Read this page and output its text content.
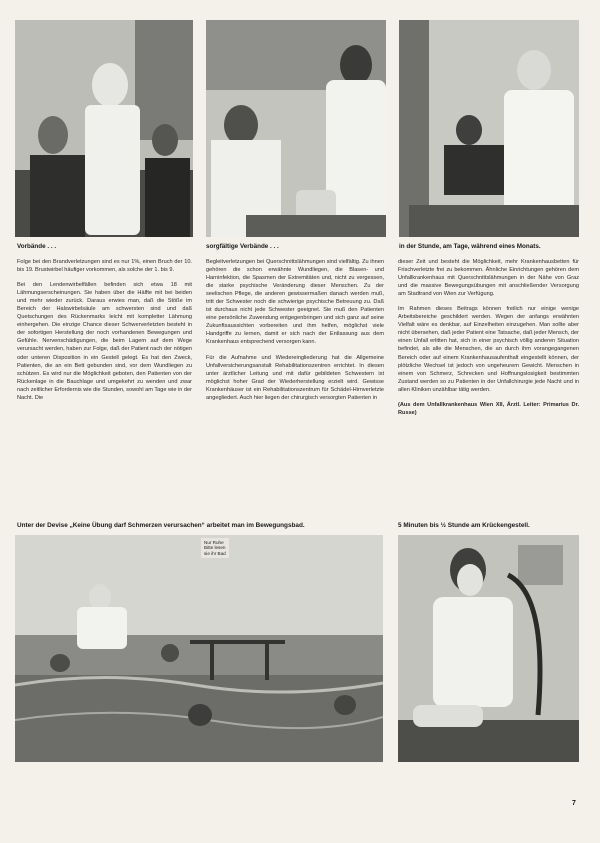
Vorbände . . .	sorgfältige Verbände . . .	in der Stunde, am Tage, während eines Monats.

Folge bei den Brandverletzungen sind es nur 1%, einen Bruch der 10. bis 19. Brustwirbel häufiger vorkommen, als solche der 1. bis 9.

Bei den Lendenwirbelfällen befinden sich etwa 18 mit Lähmungserscheinungen. Sie haben über die Hälfte mit bei beiden und mehr wieder zurück. Daraus erwies man, daß die Stöße im Bereich der Halswirbelsäule am schwersten sind und daß Quetschungen des Rückenmarks leicht mit kompletter Lähmung einhergehen. Die einzige Chance dieser Schwerverletzten besteht in der sofortigen Herstellung der noch vorhandenen Bewegungen und Gefühle. Nervenschädigungen, die beim Lagern auf dem Wege verursacht werden, haben zur Folge, daß der Patient nach der nötigen oder unteren Disposition in ein Gestell gelegt. Es hat den Zweck, Patienten, die an ein Bett gebunden sind, vor dem Wundliegen zu schützen. Es wird nur die Möglichkeit geboten, den Patienten von der Rückenlage in die Bauchlage und umgekehrt zu wenden und zwar nach zeitlicher Erfordernis wie die Stunden, sowohl am Tage wie in der Nacht. Die

Begleitverletzungen bei Querschnittslähmungen sind vielfältig. Zu ihnen gehören die schon erwähnte Wundliegen, die Blasen- und Harninfektion, die Spasmen der Extremitäten und, nicht zu vergessen, die starke psychische Veränderung dieser Menschen. Zu der seelischen Pflege, die anderen gewissermaßen danach werden muß, tritt der Schwester noch die schwierige psychische Betreuung zu. Daß ist durchaus nicht jede Schwester geeignet. Sie muß den Patienten eine persönliche Zuwendung entgegenbringen und sich ganz auf seine Zukunftsaussichten vorbereiten und ihm helfen, möglichst viele Handgriffe zu lernen, damit er sich nach der Entlassung aus dem Krankenhaus entsprechend versorgen kann.

Für die Aufnahme und Wiedereingliederung hat die Allgemeine Unfallversicherungsanstalt Rehabilitationszentren errichtet. In diesen unter ärztlicher Leitung und mit dafür gebildeten Schwestern ist möglichst hoher Grad der Wiederherstellung erzielt wird. Gewisse Krankenhäuser ist ein Rehabilitationszentrum für Schädel-Hirnverletzte angegliedert. Auch hier liegen der chirurgisch versorgten Patienten in

dieser Zeit und besteht die Möglichkeit, mehr Krankenhausbetten für Frischverletzte frei zu bekommen. Ähnliche Einrichtungen gehören dem Unfallkrankenhaus mit Querschnittslähmungen in der Nähe von Graz und die massive Bewegungsübungen mit anschließender Versorgung am Stadtrand von Wien zur Verfügung.

Im Rahmen dieses Beitrags können freilich nur einige wenige Arbeitsbereiche geschildert werden. Wegen der anfangs erwähnten Vielfalt wäre es denkbar, auf Einzelheiten einzugehen. Man sollte aber nicht übersehen, daß jeder Patient eine Tatsache, daß jeder Mensch, der einen Unfall erlitten hat, sich in einer psychisch völlig anderen Situation befindet, als alle die Menschen, die an durch ihm vorangegangenen Bereich oder auf einem Krankenhausaufenthalt eingestellt können, der plötzliche Wechsel ist jedoch von ungeheurem Gewicht. Menschen in einem von Schmerz, Schrecken und Hoffnungslosigkeit bestimmten Zustand werden so zu Patienten in der Unfallchirurgie jede Nacht und in allen Kliniken unzählbar tätig werden.

(Aus dem Unfallkrankenhaus Wien XII, Ärztl. Leiter: Primarius Dr. Russe)

Unter der Devise „Keine Übung darf Schmerzen verursachen“ arbeitet man im Bewegungsbad.	5 Minuten bis ½ Stunde am Krückengestell.
Nur Ruhe
Bitte lesen
sie ihr Bad
7
